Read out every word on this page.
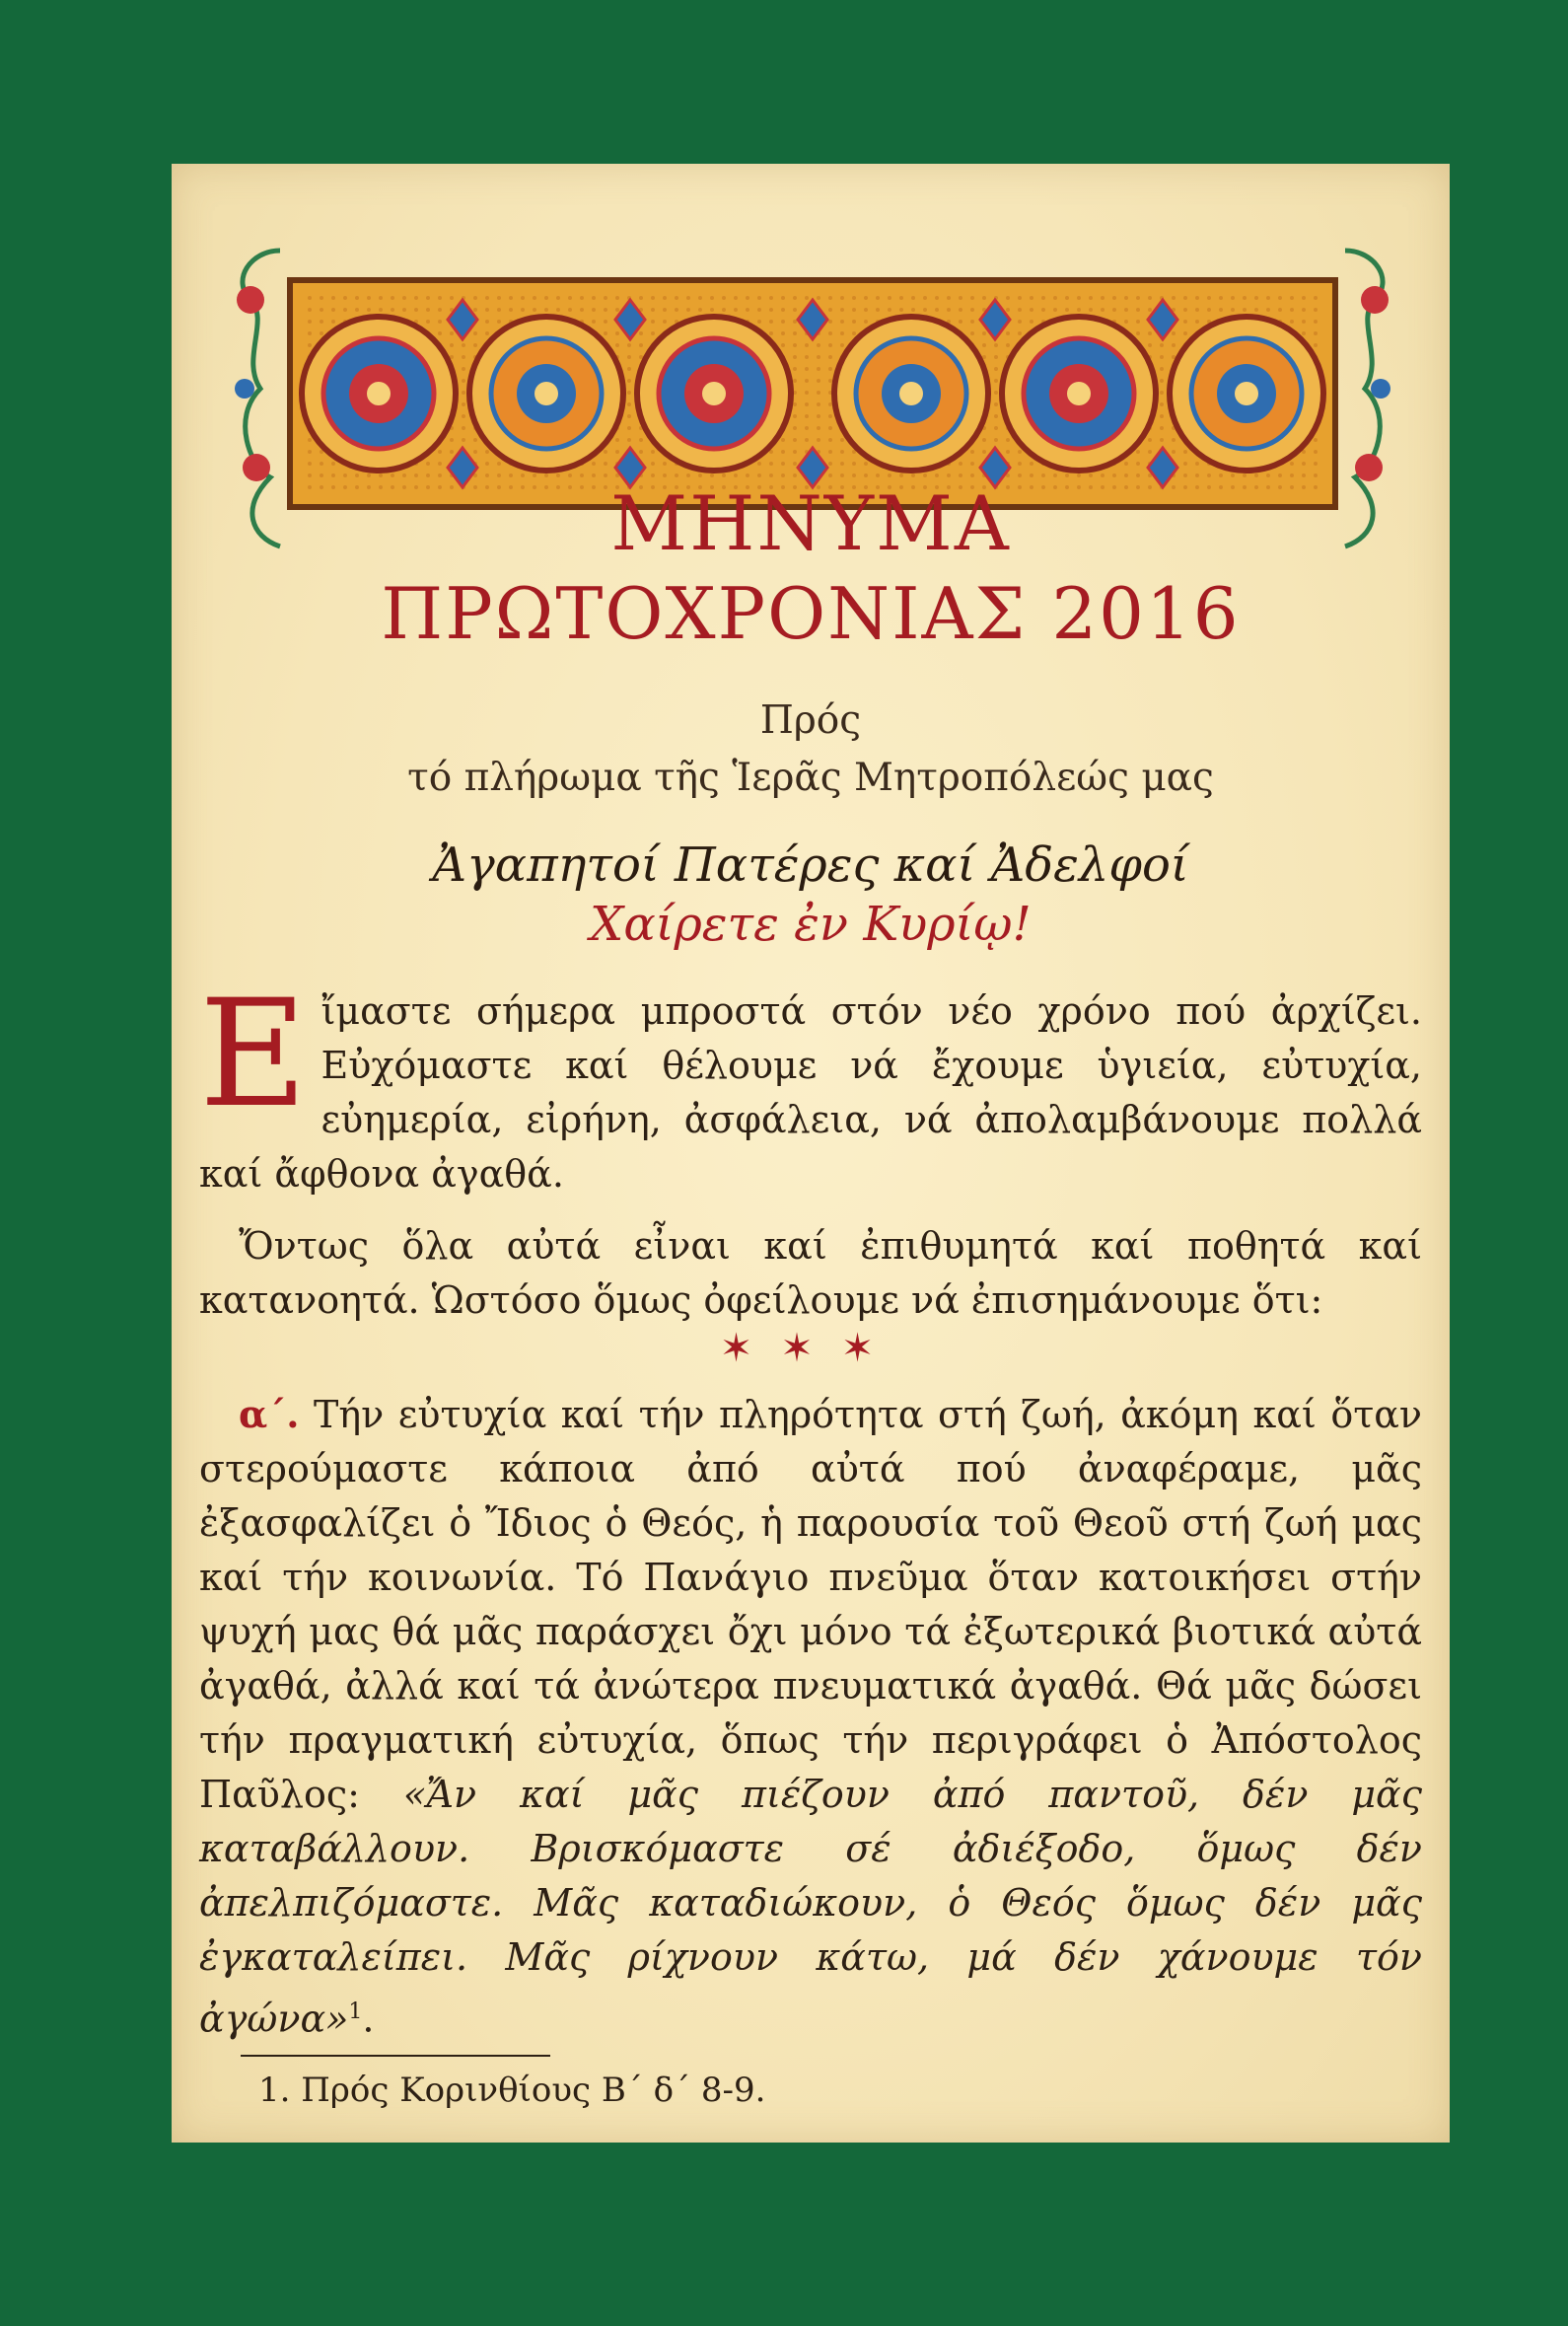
ΜΗΝΥΜΑ
ΠΡΩΤΟΧΡΟΝΙΑΣ 2016
Πρός
τό πλήρωμα τῆς Ἱερᾶς Μητροπόλεώς μας
Ἀγαπητοί Πατέρες καί Ἀδελφοί
Χαίρετε ἐν Κυρίῳ!
Εἴμαστε σήμερα μπροστά στόν νέο χρόνο πού ἀρχίζει. Εὐχόμαστε καί θέλουμε νά ἔχουμε ὑγιεία, εὐτυχία, εὐημερία, εἰρήνη, ἀσφάλεια, νά ἀπολαμβάνουμε πολλά καί ἄφθονα ἀγαθά.
Ὄντως ὅλα αὐτά εἶναι καί ἐπιθυμητά καί ποθητά καί κατανοητά. Ὡστόσο ὅμως ὀφείλουμε νά ἐπισημάνουμε ὅτι:
✶✶✶
α΄. Τήν εὐτυχία καί τήν πληρότητα στή ζωή, ἀκόμη καί ὅταν στερούμαστε κάποια ἀπό αὐτά πού ἀναφέραμε, μᾶς ἐξασφαλίζει ὁ Ἴδιος ὁ Θεός, ἡ παρουσία τοῦ Θεοῦ στή ζωή μας καί τήν κοινωνία. Τό Πανάγιο πνεῦμα ὅταν κατοικήσει στήν ψυχή μας θά μᾶς παράσχει ὄχι μόνο τά ἐξωτερικά βιοτικά αὐτά ἀγαθά, ἀλλά καί τά ἀνώτερα πνευματικά ἀγαθά. Θά μᾶς δώσει τήν πραγματική εὐτυχία, ὅπως τήν περιγράφει ὁ Ἀπόστολος Παῦλος: «Ἄν καί μᾶς πιέζουν ἀπό παντοῦ, δέν μᾶς καταβάλλουν. Βρισκόμαστε σέ ἀδιέξοδο, ὅμως δέν ἀπελπιζόμαστε. Μᾶς καταδιώκουν, ὁ Θεός ὅμως δέν μᾶς ἐγκαταλείπει. Μᾶς ρίχνουν κάτω, μά δέν χάνουμε τόν ἀγώνα»$^1$.
1. Πρός Κορινθίους Β΄ δ΄ 8-9.
